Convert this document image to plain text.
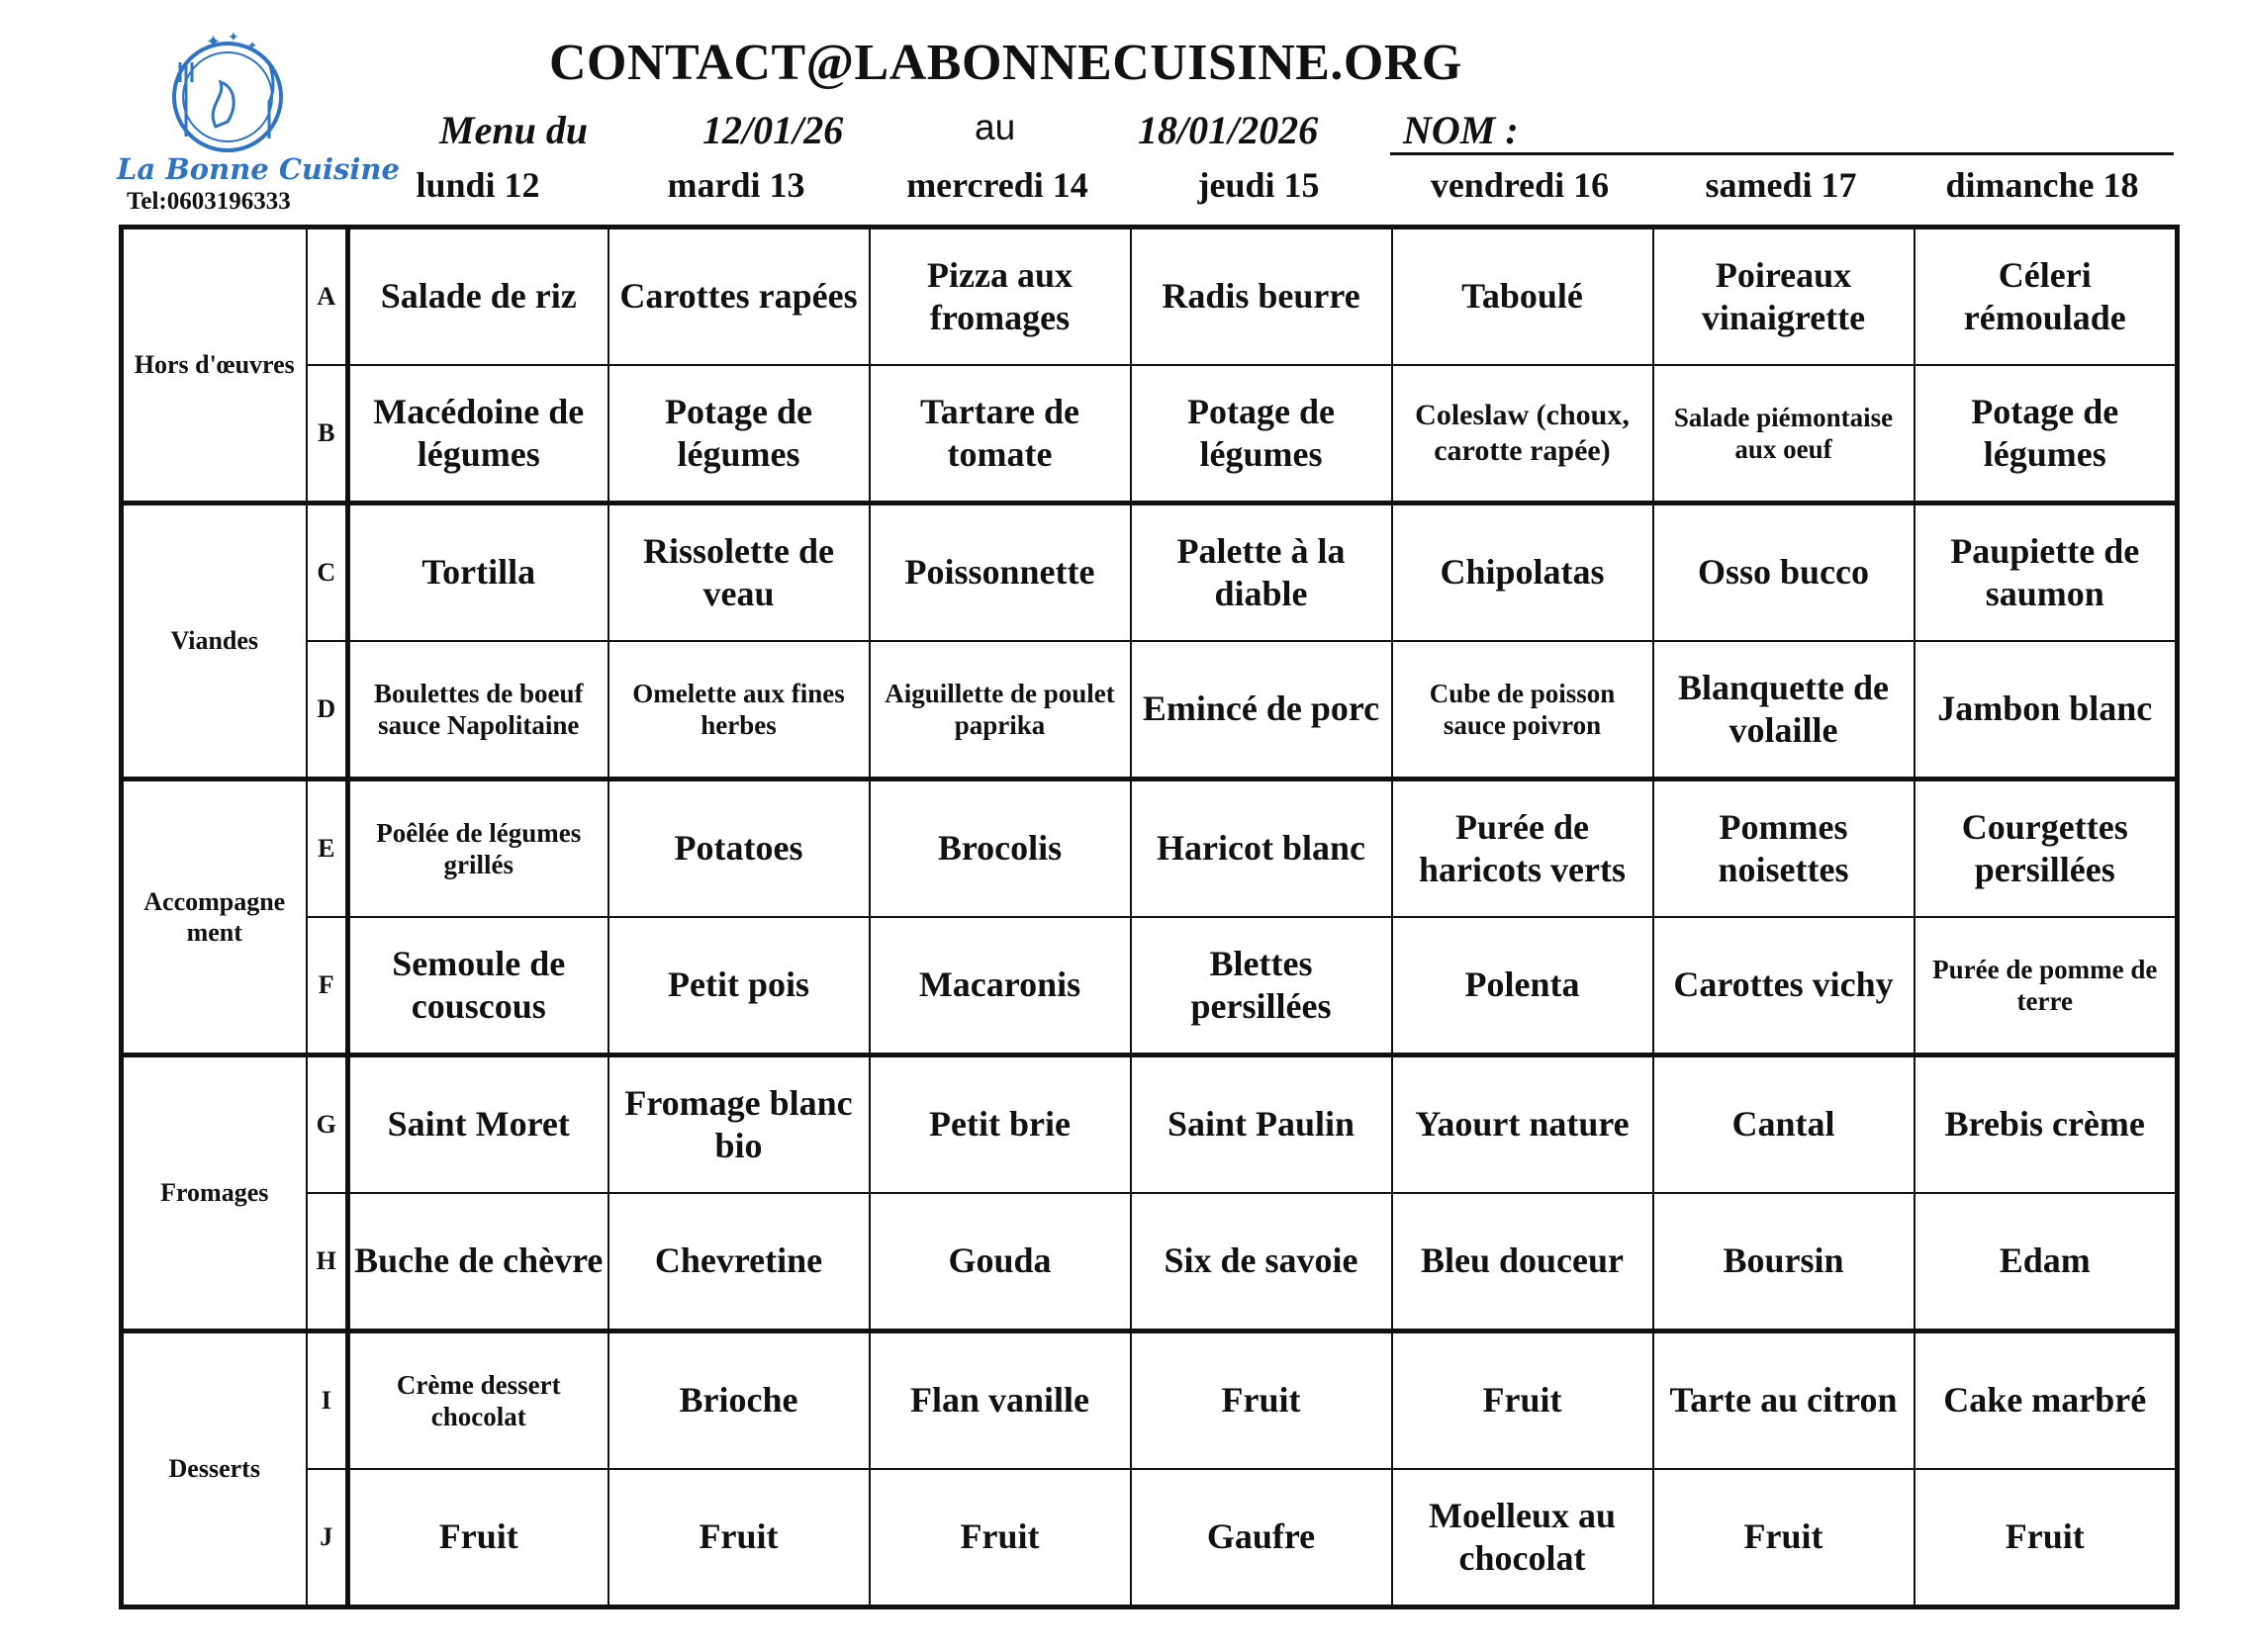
✦ ✦ ✦
La Bonne Cuisine
Tel:0603196333
CONTACT@LABONNECUISINE.ORG
Menu du	12/01/26	au	18/01/2026 NOM :
lundi 12	mardi 13	mercredi 14	jeudi 15	vendredi 16	samedi 17	dimanche 18
Hors d'œuvres	A	Salade de riz	Carottes rapées	Pizza aux fromages	Radis beurre	Taboulé	Poireaux vinaigrette	Céleri rémoulade
	B	Macédoine de légumes	Potage de légumes	Tartare de tomate	Potage de légumes	Coleslaw (choux, carotte rapée)	Salade piémontaise aux oeuf	Potage de légumes
Viandes	C	Tortilla	Rissolette de veau	Poissonnette	Palette à la diable	Chipolatas	Osso bucco	Paupiette de saumon
	D	Boulettes de boeuf sauce Napolitaine	Omelette aux fines herbes	Aiguillette de poulet paprika	Emincé de porc	Cube de poisson sauce poivron	Blanquette de volaille	Jambon blanc
Accompagne ment	E	Poêlée de légumes grillés	Potatoes	Brocolis	Haricot blanc	Purée de haricots verts	Pommes noisettes	Courgettes persillées
	F	Semoule de couscous	Petit pois	Macaronis	Blettes persillées	Polenta	Carottes vichy	Purée de pomme de terre
Fromages	G	Saint Moret	Fromage blanc bio	Petit brie	Saint Paulin	Yaourt nature	Cantal	Brebis crème
	H	Buche de chèvre	Chevretine	Gouda	Six de savoie	Bleu douceur	Boursin	Edam
Desserts	I	Crème dessert chocolat	Brioche	Flan vanille	Fruit	Fruit	Tarte au citron	Cake marbré
	J	Fruit	Fruit	Fruit	Gaufre	Moelleux au chocolat	Fruit	Fruit
